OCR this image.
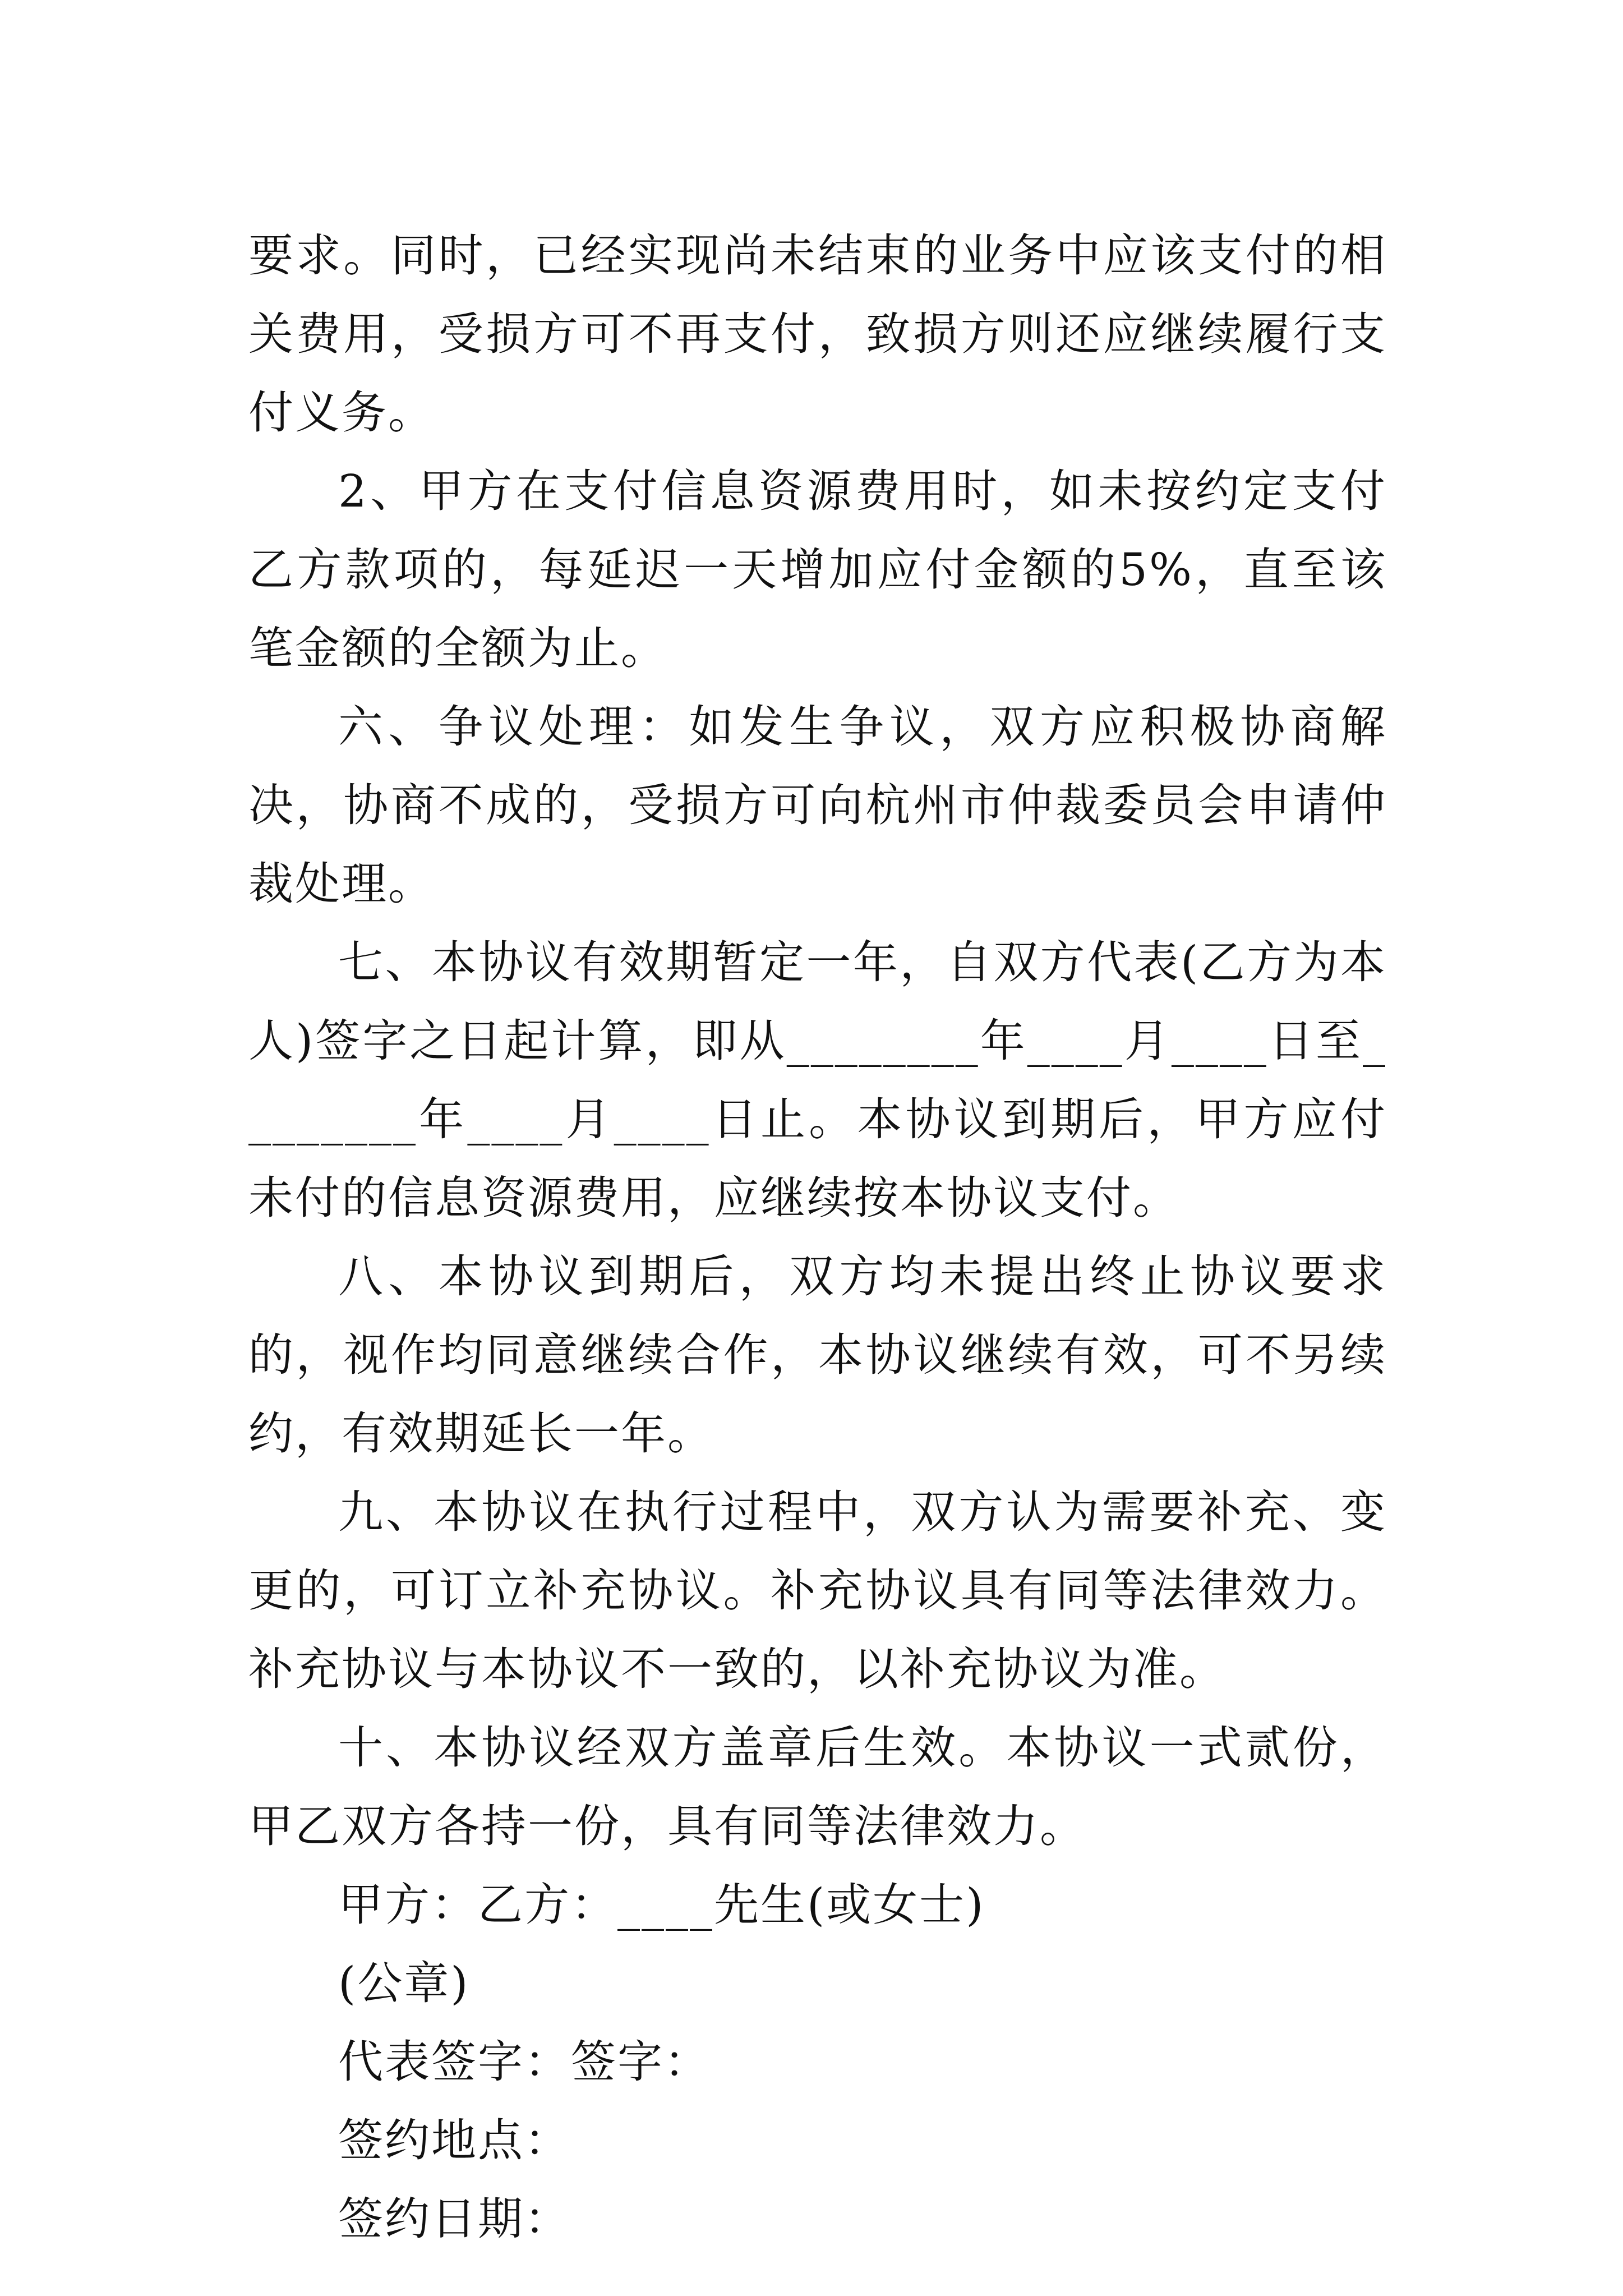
要求。同时，已经实现尚未结束的业务中应该支付的相关费用，受损方可不再支付，致损方则还应继续履行支付义务。

2、甲方在支付信息资源费用时，如未按约定支付乙方款项的，每延迟一天增加应付金额的5%，直至该笔金额的全额为止。

六、争议处理：如发生争议，双方应积极协商解决，协商不成的，受损方可向杭州市仲裁委员会申请仲裁处理。

七、本协议有效期暂定一年，自双方代表(乙方为本人)签字之日起计算，即从________年____月____日至________年____月____日止。本协议到期后，甲方应付未付的信息资源费用，应继续按本协议支付。

八、本协议到期后，双方均未提出终止协议要求的，视作均同意继续合作，本协议继续有效，可不另续约，有效期延长一年。

九、本协议在执行过程中，双方认为需要补充、变更的，可订立补充协议。补充协议具有同等法律效力。补充协议与本协议不一致的，以补充协议为准。

十、本协议经双方盖章后生效。本协议一式贰份，甲乙双方各持一份，具有同等法律效力。

甲方：乙方：____先生(或女士)

(公章)

代表签字：签字：

签约地点：

签约日期：
